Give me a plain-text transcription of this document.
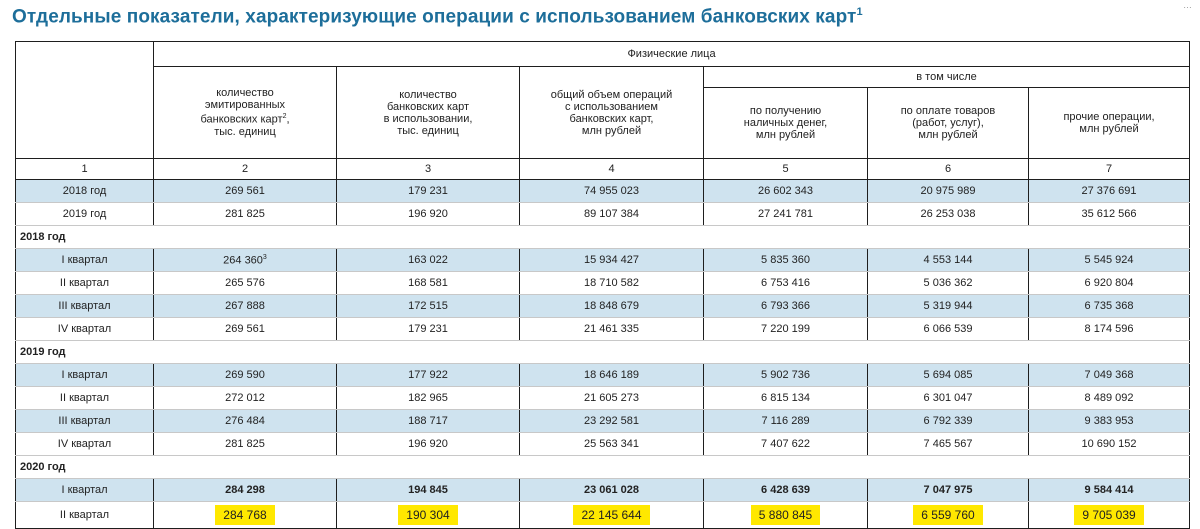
Отдельные показатели, характеризующие операции с использованием банковских карт$^1$
…
	Физические лица					
	количество
эмитированных
банковских карт$^2$,
тыс. единиц	количество
банковских карт
в использовании,
тыс. единиц	общий объем операций
с использованием
банковских карт,
млн рублей	в том числе		
				по получению
наличных денег,
млн рублей	по оплате товаров
(работ, услуг),
млн рублей	прочие операции,
млн рублей
1	2	3	4	5	6	7
2018 год	269 561	179 231	74 955 023	26 602 343	20 975 989	27 376 691
2019 год	281 825	196 920	89 107 384	27 241 781	26 253 038	35 612 566
2018 год						
I квартал	264 $360^3$	163 022	15 934 427	5 835 360	4 553 144	5 545 924
II квартал	265 576	168 581	18 710 582	6 753 416	5 036 362	6 920 804
III квартал	267 888	172 515	18 848 679	6 793 366	5 319 944	6 735 368
IV квартал	269 561	179 231	21 461 335	7 220 199	6 066 539	8 174 596
2019 год						
I квартал	269 590	177 922	18 646 189	5 902 736	5 694 085	7 049 368
II квартал	272 012	182 965	21 605 273	6 815 134	6 301 047	8 489 092
III квартал	276 484	188 717	23 292 581	7 116 289	6 792 339	9 383 953
IV квартал	281 825	196 920	25 563 341	7 407 622	7 465 567	10 690 152
2020 год						
I квартал	284 298	194 845	23 061 028	6 428 639	7 047 975	9 584 414
II квартал	284 768	190 304	22 145 644	5 880 845	6 559 760	9 705 039
